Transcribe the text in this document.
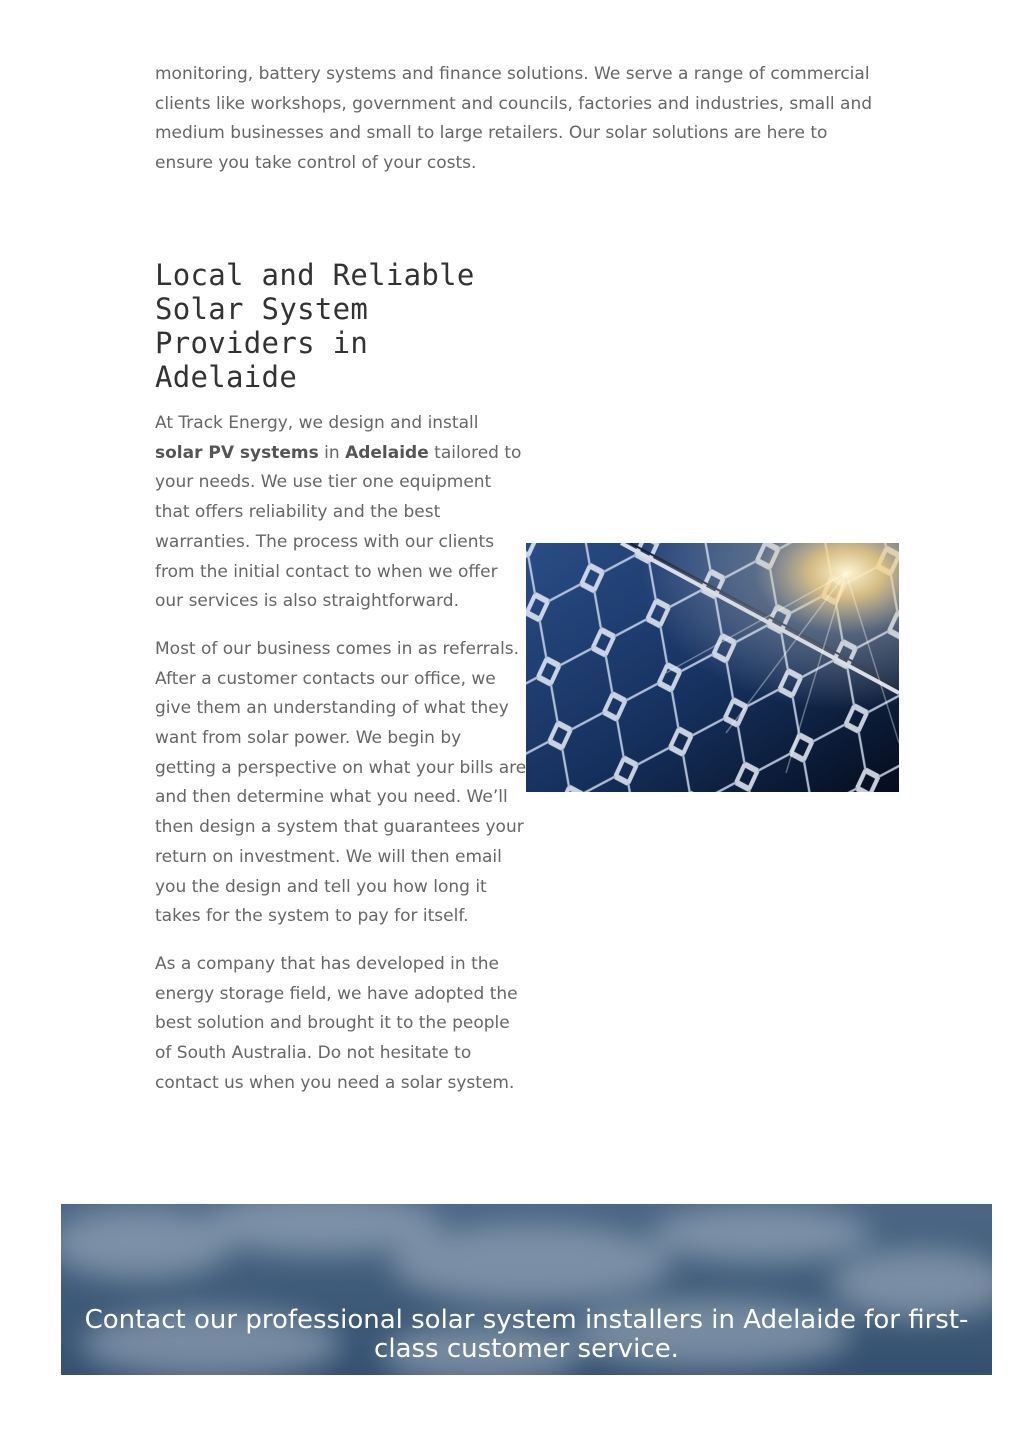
monitoring, battery systems and finance solutions. We serve a range of commercial clients like workshops, government and councils, factories and industries, small and medium businesses and small to large retailers. Our solar solutions are here to ensure you take control of your costs.

Local and Reliable Solar System Providers in Adelaide

At Track Energy, we design and install solar PV systems in Adelaide tailored to your needs. We use tier one equipment that offers reliability and the best warranties. The process with our clients from the initial contact to when we offer our services is also straightforward.

Most of our business comes in as referrals. After a customer contacts our office, we give them an understanding of what they want from solar power. We begin by getting a perspective on what your bills are and then determine what you need. We’ll then design a system that guarantees your return on investment. We will then email you the design and tell you how long it takes for the system to pay for itself.

As a company that has developed in the energy storage field, we have adopted the best solution and brought it to the people of South Australia. Do not hesitate to contact us when you need a solar system.

Contact our professional solar system installers in Adelaide for first-class customer service.
